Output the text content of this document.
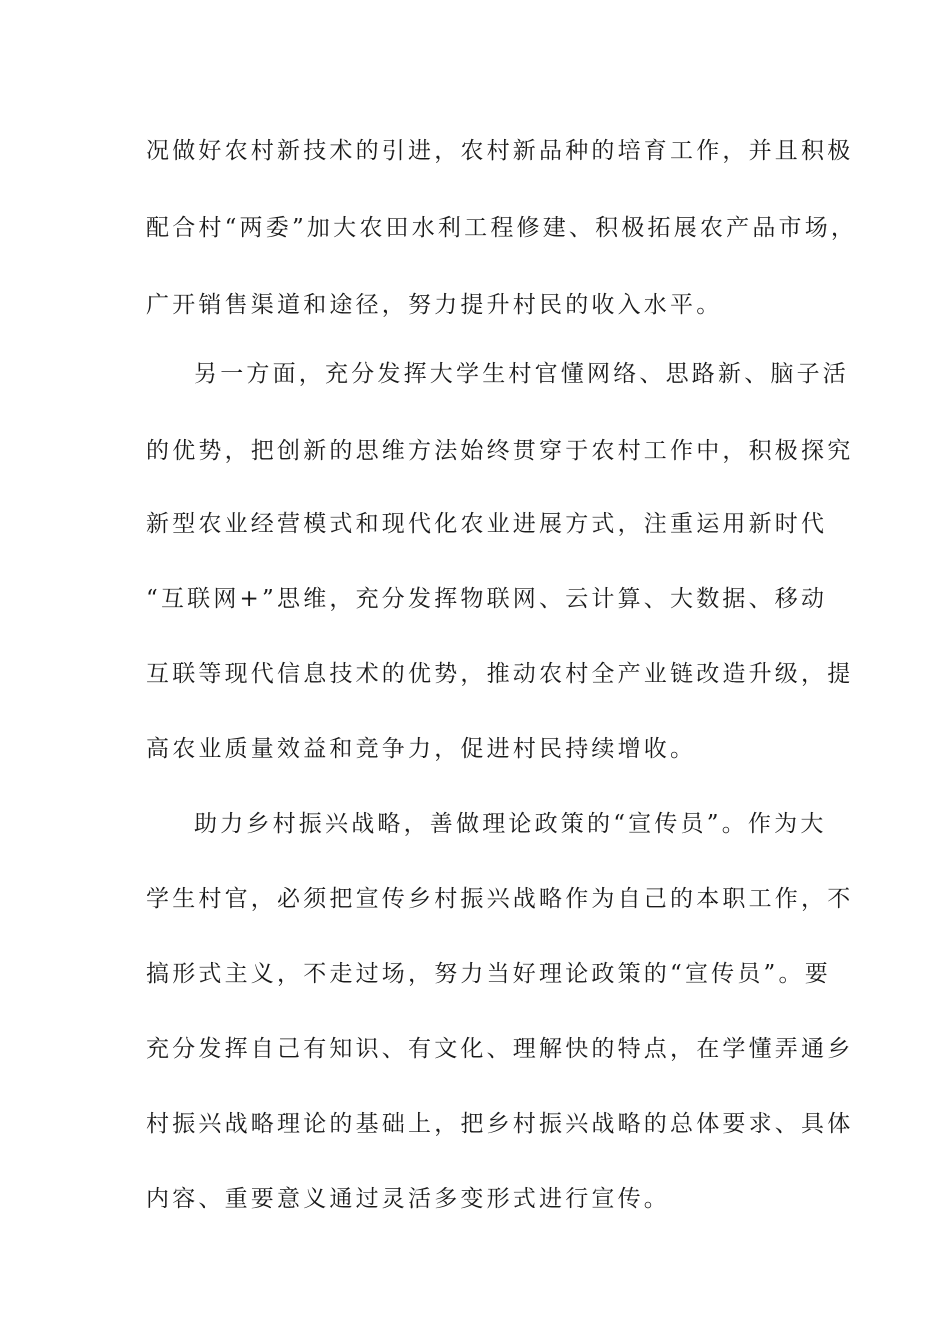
况做好农村新技术的引进，农村新品种的培育工作，并且积极
配合村“两委”加大农田水利工程修建、积极拓展农产品市场，
广开销售渠道和途径，努力提升村民的收入水平。
另一方面，充分发挥大学生村官懂网络、思路新、脑子活
的优势，把创新的思维方法始终贯穿于农村工作中，积极探究
新型农业经营模式和现代化农业进展方式，注重运用新时代
“互联网+”思维，充分发挥物联网、云计算、大数据、移动
互联等现代信息技术的优势，推动农村全产业链改造升级，提
高农业质量效益和竞争力，促进村民持续增收。
助力乡村振兴战略，善做理论政策的“宣传员”。作为大
学生村官，必须把宣传乡村振兴战略作为自己的本职工作，不
搞形式主义，不走过场，努力当好理论政策的“宣传员”。要
充分发挥自己有知识、有文化、理解快的特点，在学懂弄通乡
村振兴战略理论的基础上，把乡村振兴战略的总体要求、具体
内容、重要意义通过灵活多变形式进行宣传。
